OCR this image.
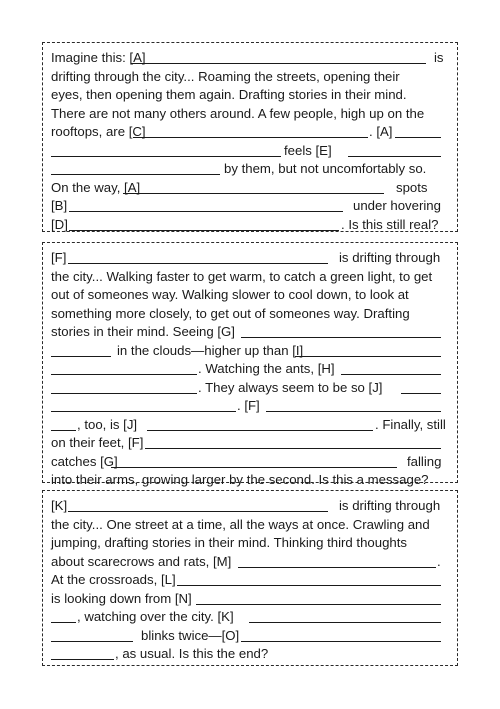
Imagine this: [A]	is
drifting through the city... Roaming the streets, opening their
eyes, then opening them again. Drafting stories in their mind.
There are not many others around. A few people, high up on the
rooftops, are [C]	. [A]
feels [E]
by them, but not uncomfortably so.
On the way, [A]	spots
[B]	under hovering
[D]	. Is this still real?
[F]	is drifting through
the city... Walking faster to get warm, to catch a green light, to get
out of someones way. Walking slower to cool down, to look at
something more closely, to get out of someones way. Drafting
stories in their mind. Seeing [G]
in the clouds—higher up than [I]
. Watching the ants, [H]
. They always seem to be so [J]
. [F]
, too, is [J]	. Finally, still
on their feet, [F]
catches [G]	falling
into their arms, growing larger by the second. Is this a message?
[K]	is drifting through
the city... One street at a time, all the ways at once. Crawling and
jumping, drafting stories in their mind. Thinking third thoughts
about scarecrows and rats, [M]	.
At the crossroads, [L]
is looking down from [N]
, watching over the city. [K]
blinks twice—[O]
, as usual. Is this the end?
